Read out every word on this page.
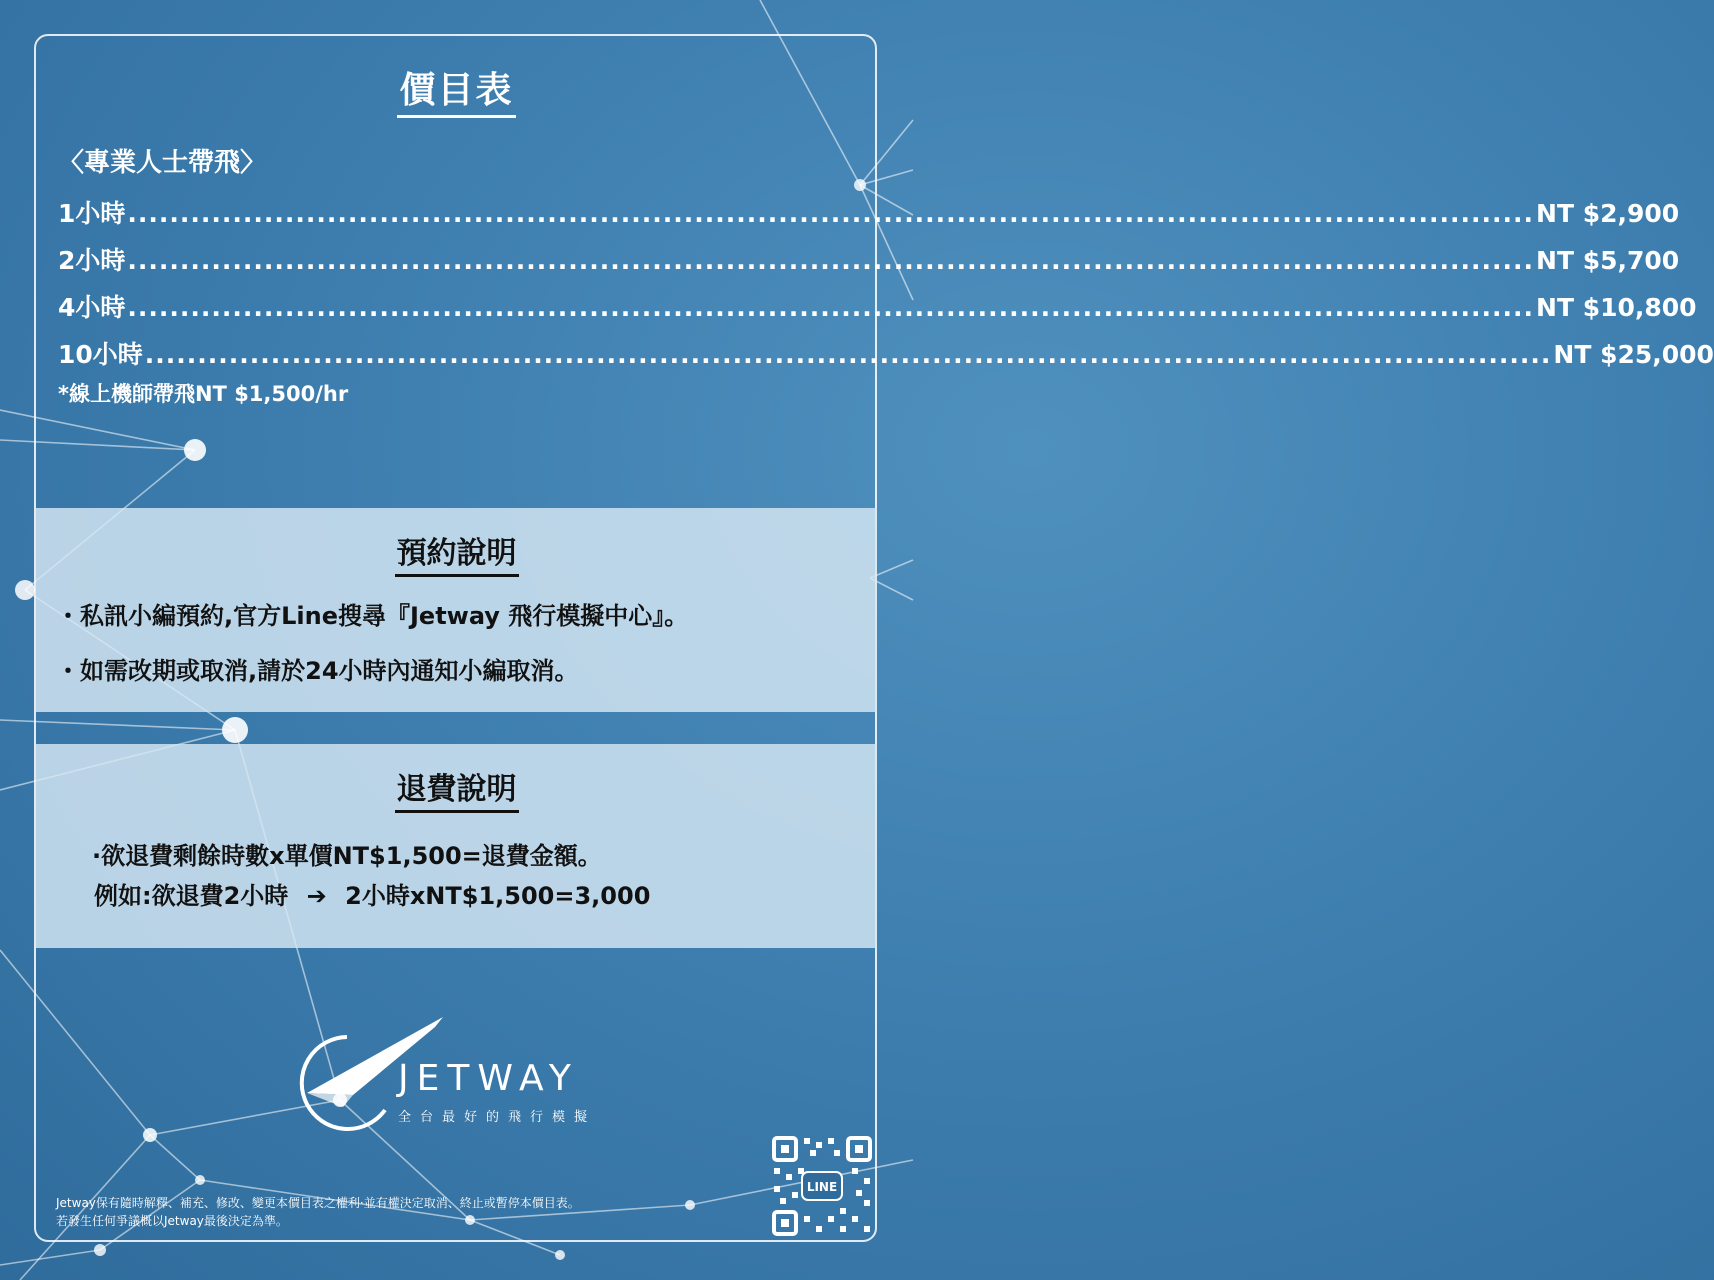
價目表
〈專業人士帶飛〉
1小時 ...................................................................................................................................... NT $2,900
2小時 ...................................................................................................................................... NT $5,700
4小時 ...................................................................................................................................... NT $10,800
10小時 ...................................................................................................................................... NT $25,000
*線上機師帶飛NT $1,500/hr
預約說明
・私訊小編預約,官方Line搜尋『Jetway 飛行模擬中心』。
・如需改期或取消,請於24小時內通知小編取消。
退費說明
·欲退費剩餘時數x單價NT$1,500=退費金額。
例如:欲退費2小時 ➔ 2小時xNT$1,500=3,000
JETWAY
全台最好的飛行模擬
LINE
Jetway保有隨時解釋、補充、修改、變更本價目表之權利·並有權決定取消、終止或暫停本價目表。
若發生任何爭議概以Jetway最後決定為準。
